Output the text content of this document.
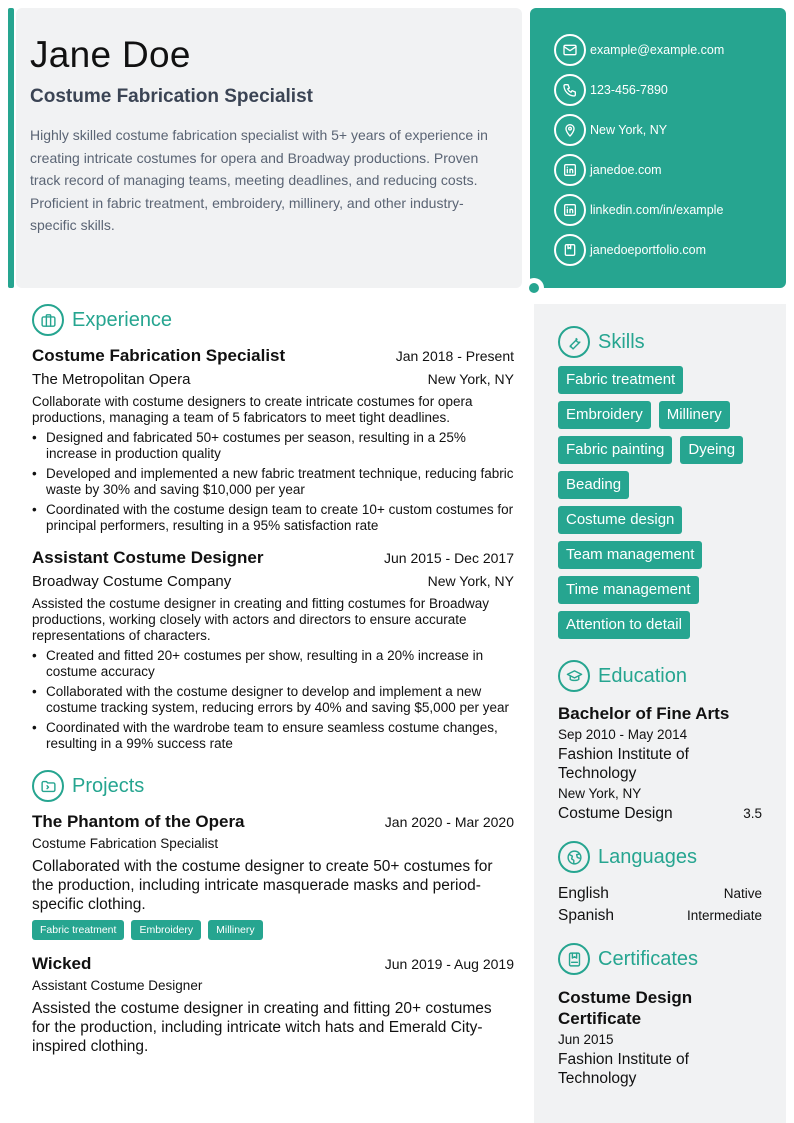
Jane Doe
Costume Fabrication Specialist

Highly skilled costume fabrication specialist with 5+ years of experience in creating intricate costumes for opera and Broadway productions. Proven track record of managing teams, meeting deadlines, and reducing costs. Proficient in fabric treatment, embroidery, millinery, and other industry-specific skills.

example@example.com
123-456-7890
New York, NY
janedoe.com
linkedin.com/in/example
janedoeportfolio.com
Experience
Costume Fabrication Specialist	Jan 2018 - Present
The Metropolitan Opera	New York, NY

Collaborate with costume designers to create intricate costumes for opera productions, managing a team of 5 fabricators to meet tight deadlines.

• Designed and fabricated 50+ costumes per season, resulting in a 25% increase in production quality
• Developed and implemented a new fabric treatment technique, reducing fabric waste by 30% and saving $10,000 per year
• Coordinated with the costume design team to create 10+ custom costumes for principal performers, resulting in a 95% satisfaction rate
Assistant Costume Designer	Jun 2015 - Dec 2017
Broadway Costume Company	New York, NY

Assisted the costume designer in creating and fitting costumes for Broadway productions, working closely with actors and directors to ensure accurate representations of characters.

• Created and fitted 20+ costumes per show, resulting in a 20% increase in costume accuracy
• Collaborated with the costume designer to develop and implement a new costume tracking system, reducing errors by 40% and saving $5,000 per year
• Coordinated with the wardrobe team to ensure seamless costume changes, resulting in a 99% success rate
Projects
The Phantom of the Opera	Jan 2020 - Mar 2020
Costume Fabrication Specialist

Collaborated with the costume designer to create 50+ costumes for the production, including intricate masquerade masks and period-specific clothing.

Fabric treatment	Embroidery	Millinery
Wicked	Jun 2019 - Aug 2019
Assistant Costume Designer

Assisted the costume designer in creating and fitting 20+ costumes for the production, including intricate witch hats and Emerald City-inspired clothing.

Skills
Fabric treatment
Embroidery	Millinery
Fabric painting	Dyeing
Beading
Costume design
Team management
Time management
Attention to detail
Education
Bachelor of Fine Arts
Sep 2010 - May 2014
Fashion Institute of Technology
New York, NY
Costume Design	3.5
Languages
English	Native
Spanish	Intermediate
Certificates
Costume Design Certificate
Jun 2015
Fashion Institute of Technology
